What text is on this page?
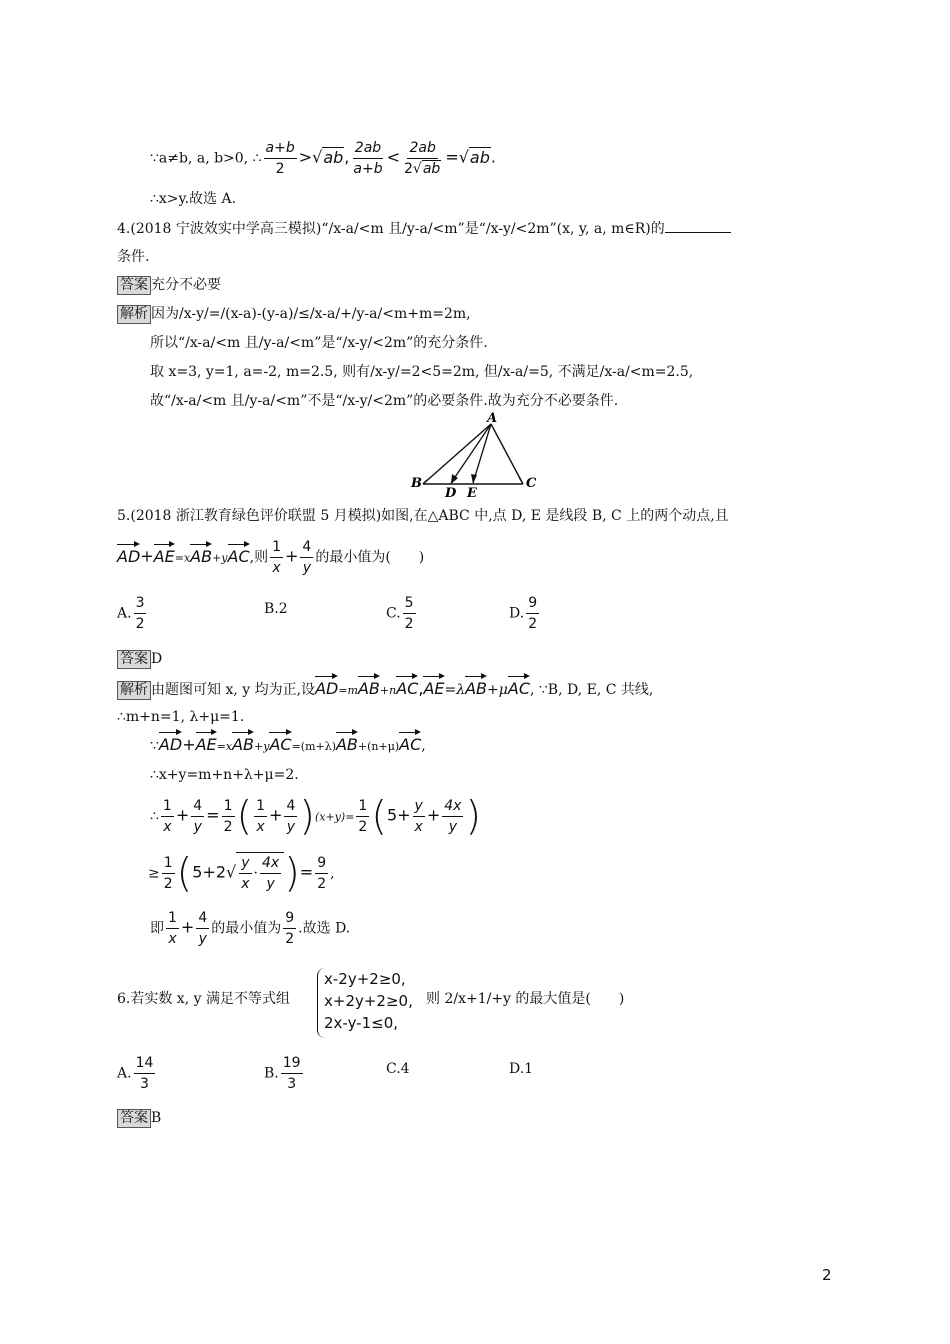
∵a≠b, a, b>0, ∴ $\frac{a+b}{2} >√ab$, $\frac{2ab}{a+b} < \frac{2ab}{2√ab} =√ab$.
∴x>y.故选 A.
4.(2018 宁波效实中学高三模拟)“/x-a/<m 且/y-a/<m”是“/x-y/<2m”(x, y, a, m∈R)的
条件.
答案 充分不必要
解析 因为/x-y/=/(x-a)-(y-a)/≤/x-a/+/y-a/<m+m=2m,
所以“/x-a/<m 且/y-a/<m”是“/x-y/<2m”的充分条件.
取 x=3, y=1, a=-2, m=2.5, 则有/x-y/=2<5=2m, 但/x-a/=5, 不满足/x-a/<m=2.5,
故“/x-a/<m 且/y-a/<m”不是“/x-y/<2m”的必要条件.故为充分不必要条件.
A
B	C
D E
5.(2018 浙江教育绿色评价联盟 5 月模拟)如图,在△ABC 中,点 D, E 是线段 B, C 上的两个动点,且
AD+AE=xAB+yAC,则 $\frac{1}{x} + \frac{4}{y}$ 的最小值为(　　)
A. $\frac{3}{2}$	B.2	C. $\frac{5}{2}$	D. $\frac{9}{2}$
答案 D
解析 由题图可知 x, y 均为正,设AD=mAB+nAC,AE=λAB+μAC, ∵B, D, E, C 共线,
∴m+n=1, λ+μ=1.
∵AD+AE=xAB+yAC=(m+λ)AB+(n+μ)AC,
∴x+y=m+n+λ+μ=2.
∴ $\frac{1}{x} + \frac{4}{y} = \frac{1}{2}$ ( $\frac{1}{x} + \frac{4}{y} )(x+y)= \frac{1}{2} (5+ \frac{y}{x} + \frac{4x}{y}$ )
≥ $\frac{1}{2} (5+2√ \frac{y}{x} \cdot \frac{4x}{y}$ )= $\frac{9}{2}$ ,
即 $\frac{1}{x} + \frac{4}{y}$ 的最小值为 $\frac{9}{2}$ .故选 D.
6.若实数 x, y 满足不等式组
x-2y+2≥0,
x+2y+2≥0,
2x-y-1≤0,
则 2/x+1/+y 的最大值是(　　)
A. $\frac{14}{3}$	B. $\frac{19}{3}$	C.4	D.1
答案 B
2
